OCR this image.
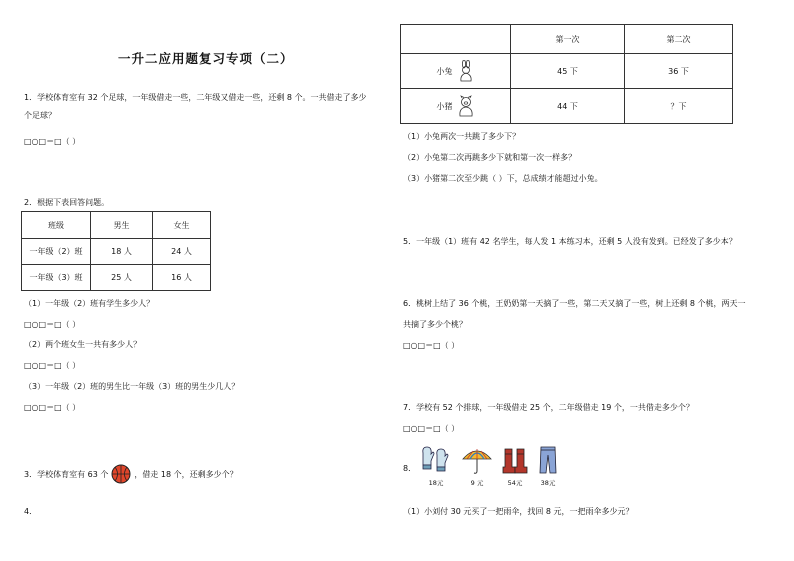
一升二应用题复习专项（二）
1．学校体育室有 32 个足球，一年级借走一些，二年级又借走一些，还剩 8 个。一共借走了多少
个足球？
□○□＝□（ ）
2．根据下表回答问题。
班级	男生	女生
一年级（2）班	18 人	24 人
一年级（3）班	25 人	16 人
（1）一年级（2）班有学生多少人？
□○□＝□（ ）
（2）两个班女生一共有多少人？
□○□＝□（ ）
（3）一年级（2）班的男生比一年级（3）班的男生少几人？
□○□＝□（ ）
3．学校体育室有 63 个	，借走 18 个，还剩多少个？
4．
	第一次	第二次

小兔	45 下	36 下

小猪	44 下	？下
（1）小兔两次一共跳了多少下？
（2）小兔第二次再跳多少下就和第一次一样多？
（3）小猪第二次至少跳（ ）下，总成绩才能超过小兔。
5．一年级（1）班有 42 名学生，每人发 1 本练习本，还剩 5 人没有发到。已经发了多少本？
6．桃树上结了 36 个桃，王奶奶第一天摘了一些，第二天又摘了一些，树上还剩 8 个桃，两天一
共摘了多少个桃？
□○□＝□（ ）
7．学校有 52 个排球，一年级借走 25 个，二年级借走 19 个，一共借走多少个？
□○□＝□（ ）
8．
18元	9 元	54元	38元
（1）小刘付 30 元买了一把雨伞，找回 8 元，一把雨伞多少元？
